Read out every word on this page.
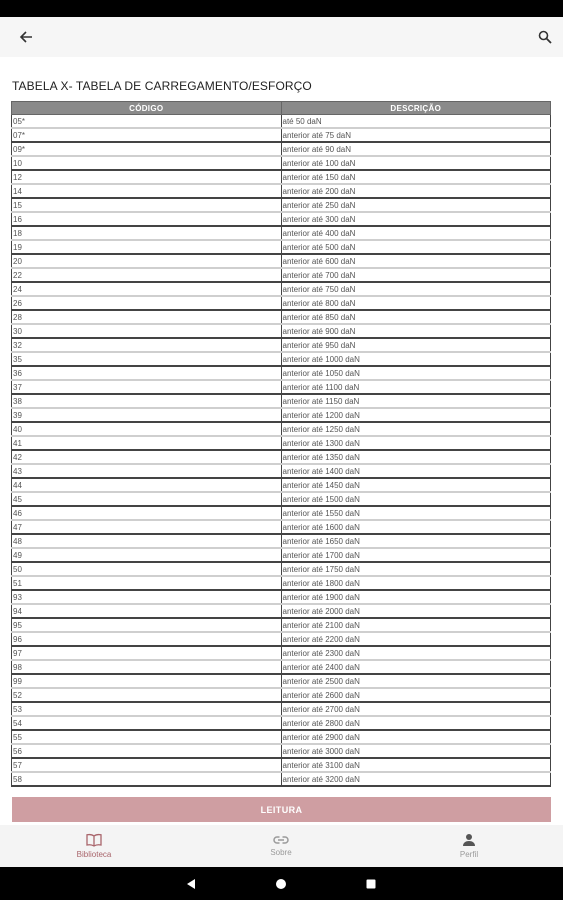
TABELA X- TABELA DE CARREGAMENTO/ESFORÇO
CÓDIGO	DESCRIÇÃO
05*	até 50 daN
07*	anterior até 75 daN
09*	anterior até 90 daN
10	anterior até 100 daN
12	anterior até 150 daN
14	anterior até 200 daN
15	anterior até 250 daN
16	anterior até 300 daN
18	anterior até 400 daN
19	anterior até 500 daN
20	anterior até 600 daN
22	anterior até 700 daN
24	anterior até 750 daN
26	anterior até 800 daN
28	anterior até 850 daN
30	anterior até 900 daN
32	anterior até 950 daN
35	anterior até 1000 daN
36	anterior até 1050 daN
37	anterior até 1100 daN
38	anterior até 1150 daN
39	anterior até 1200 daN
40	anterior até 1250 daN
41	anterior até 1300 daN
42	anterior até 1350 daN
43	anterior até 1400 daN
44	anterior até 1450 daN
45	anterior até 1500 daN
46	anterior até 1550 daN
47	anterior até 1600 daN
48	anterior até 1650 daN
49	anterior até 1700 daN
50	anterior até 1750 daN
51	anterior até 1800 daN
93	anterior até 1900 daN
94	anterior até 2000 daN
95	anterior até 2100 daN
96	anterior até 2200 daN
97	anterior até 2300 daN
98	anterior até 2400 daN
99	anterior até 2500 daN
52	anterior até 2600 daN
53	anterior até 2700 daN
54	anterior até 2800 daN
55	anterior até 2900 daN
56	anterior até 3000 daN
57	anterior até 3100 daN
58	anterior até 3200 daN

LEITURA
Biblioteca	Sobre	Perfil
